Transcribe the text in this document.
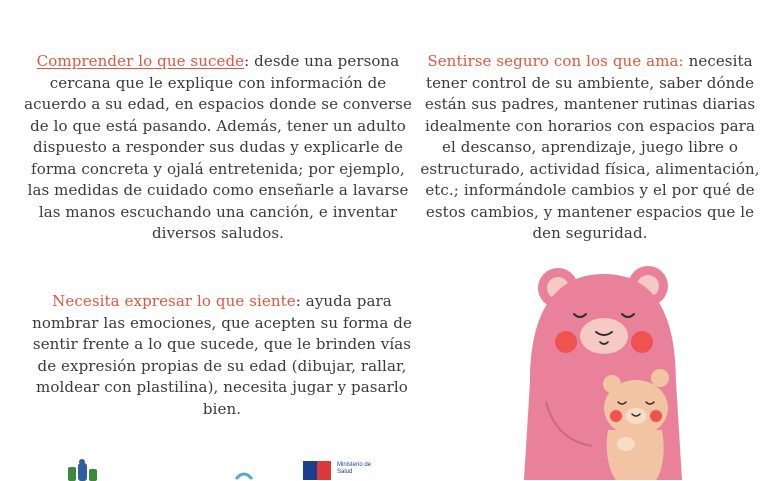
Comprender lo que sucede: desde una persona cercana que le explique con información de acuerdo a su edad, en espacios donde se converse de lo que está pasando. Además, tener un adulto dispuesto a responder sus dudas y explicarle de forma concreta y ojalá entretenida; por ejemplo, las medidas de cuidado como enseñarle a lavarse las manos escuchando una canción, e inventar diversos saludos.
Sentirse seguro con los que ama: necesita tener control de su ambiente, saber dónde están sus padres, mantener rutinas diarias idealmente con horarios con espacios para el descanso, aprendizaje, juego libre o estructurado, actividad física, alimentación, etc.; informándole cambios y el por qué de estos cambios, y mantener espacios que le den seguridad.
Necesita expresar lo que siente: ayuda para nombrar las emociones, que acepten su forma de sentir frente a lo que sucede, que le brinden vías de expresión propias de su edad (dibujar, rallar, moldear con plastilina), necesita jugar y pasarlo bien.
Ministerio de Salud
